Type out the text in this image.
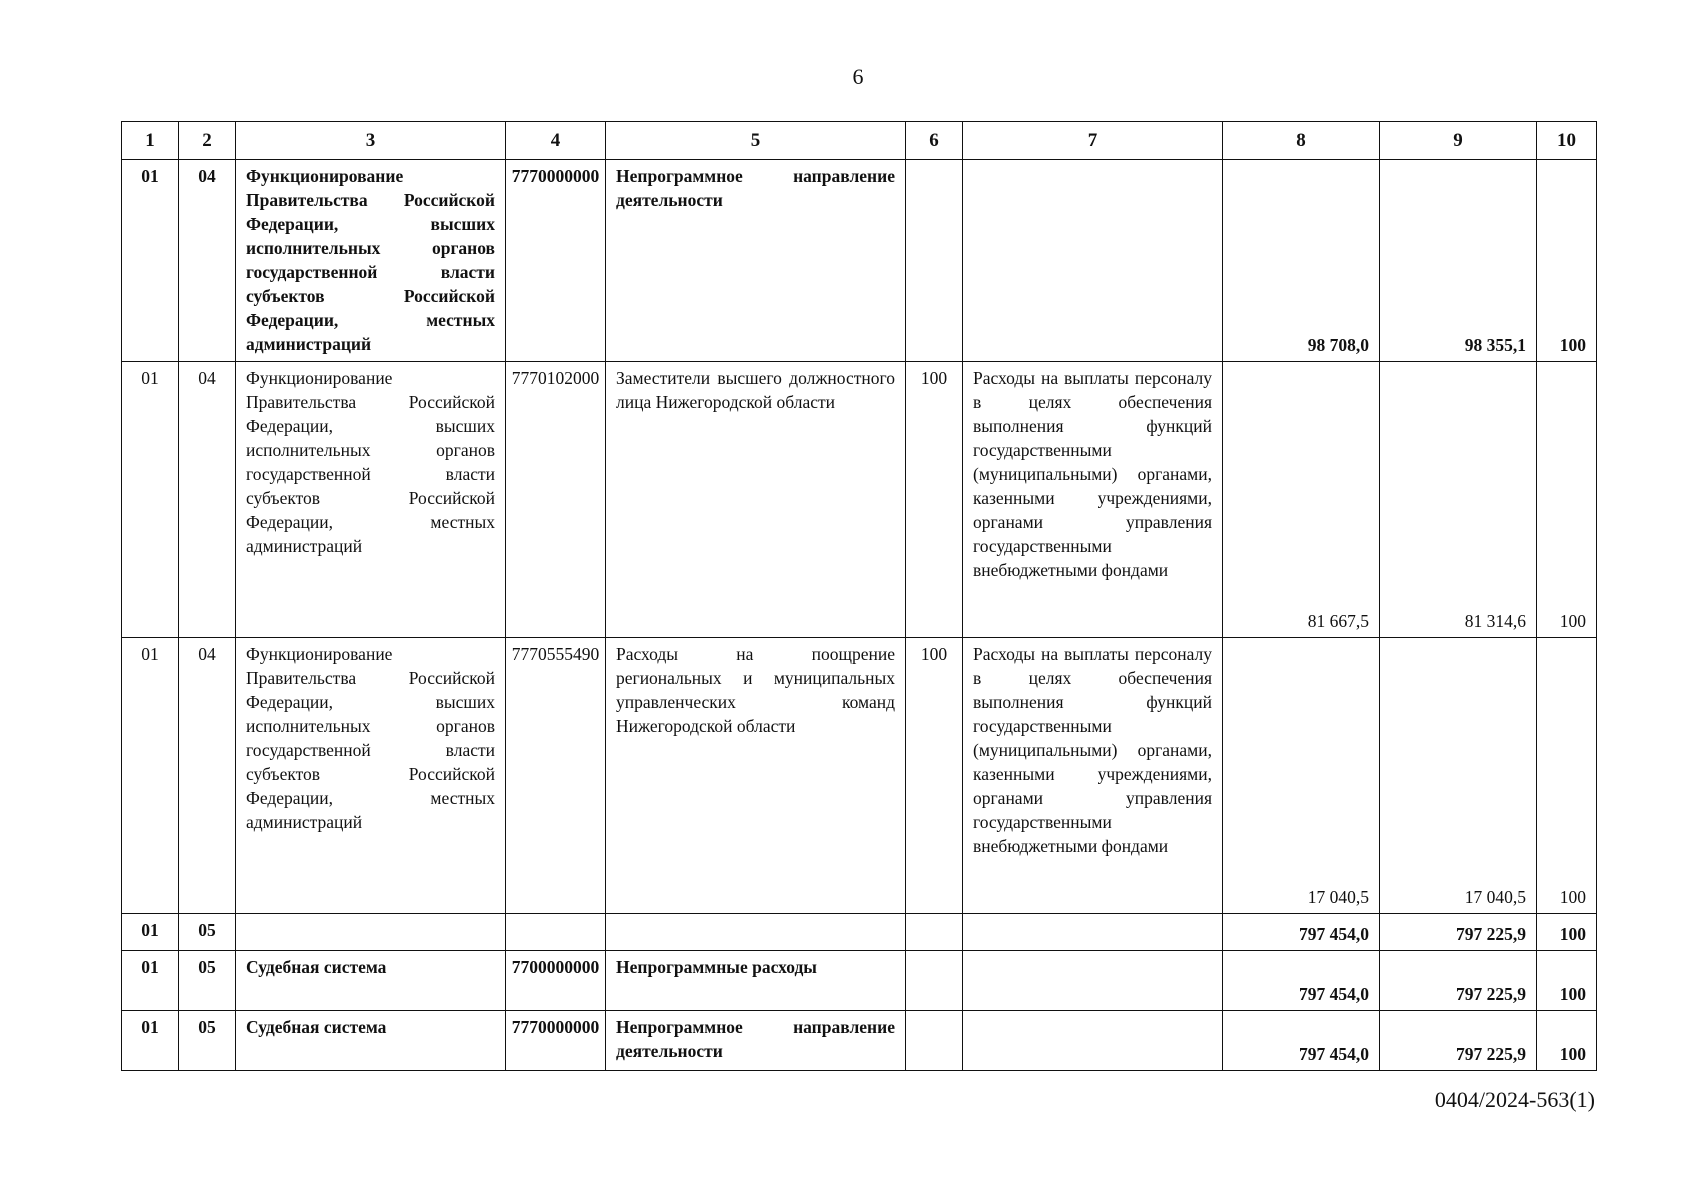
6
1	2	3	4	5	6	7	8	9	10
01	04	Функционирование Правительства Российской Федерации, высших исполнительных органов государственной власти субъектов Российской Федерации, местных администраций	7770000000	Непрограммное направление деятельности			98 708,0	98 355,1	100
01	04	Функционирование Правительства Российской Федерации, высших исполнительных органов государственной власти субъектов Российской Федерации, местных администраций	7770102000	Заместители высшего должностного лица Нижегородской области	100	Расходы на выплаты персоналу в целях обеспечения выполнения функций государственными (муниципальными) органами, казенными учреждениями, органами управления государственными внебюджетными фондами	81 667,5	81 314,6	100
01	04	Функционирование Правительства Российской Федерации, высших исполнительных органов государственной власти субъектов Российской Федерации, местных администраций	7770555490	Расходы на поощрение региональных и муниципальных управленческих команд Нижегородской области	100	Расходы на выплаты персоналу в целях обеспечения выполнения функций государственными (муниципальными) органами, казенными учреждениями, органами управления государственными внебюджетными фондами	17 040,5	17 040,5	100
01	05						797 454,0	797 225,9	100
01	05	Судебная система	7700000000	Непрограммные расходы			797 454,0	797 225,9	100
01	05	Судебная система	7770000000	Непрограммное направление деятельности			797 454,0	797 225,9	100
0404/2024-563(1)
